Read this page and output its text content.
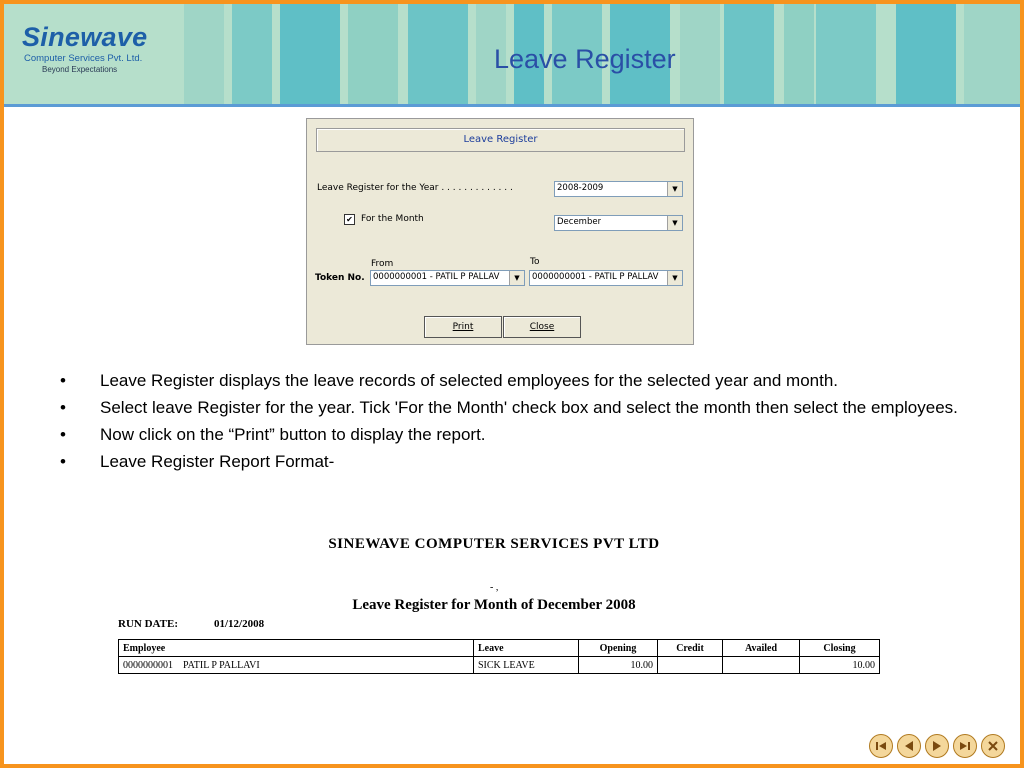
Sinewave
Computer Services Pvt. Ltd.
Beyond Expectations	Leave Register
Leave Register
Leave Register for the Year . . . . . . . . . . . . .	2008-2009	▼
✔ For the Month	December	▼
From	To
Token No. 0000000001 - PATIL P PALLAV	▼	0000000001 - PATIL P PALLAV	▼
Print	Close
• Leave Register displays the leave records of selected employees for the selected year and month.
• Select leave Register for the year. Tick 'For the Month' check box and select the month then select the employees.
• Now click on the “Print” button to display the report.
• Leave Register Report Format-
SINEWAVE COMPUTER SERVICES PVT LTD
- ,
Leave Register for Month of December 2008
RUN DATE:	01/12/2008
Employee	Leave	Opening	Credit	Availed	Closing
0000000001    PATIL P PALLAVI	SICK LEAVE	10.00			10.00
